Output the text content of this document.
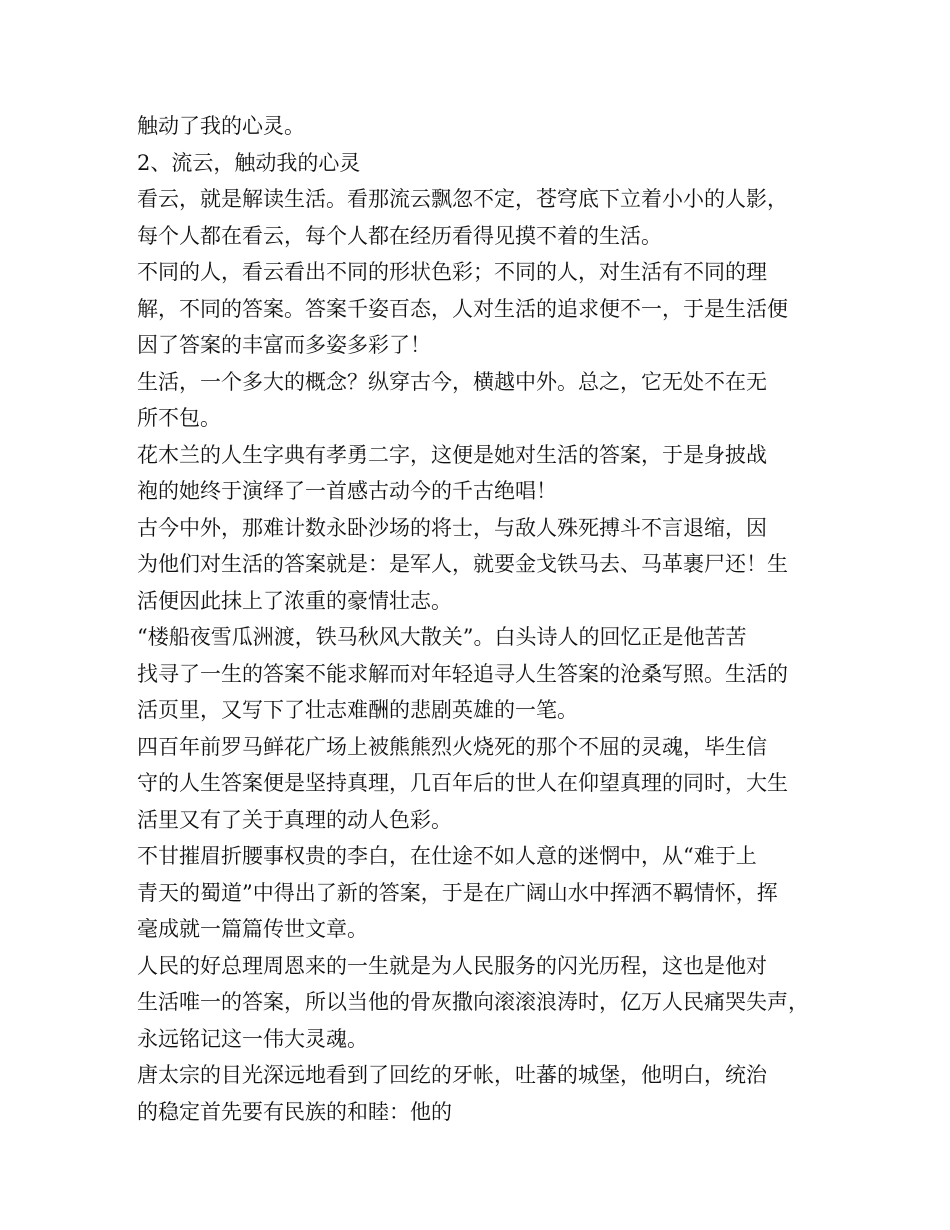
触动了我的心灵。
2、流云，触动我的心灵
看云，就是解读生活。看那流云飘忽不定，苍穹底下立着小小的人影，
每个人都在看云，每个人都在经历看得见摸不着的生活。
不同的人，看云看出不同的形状色彩；不同的人，对生活有不同的理
解，不同的答案。答案千姿百态，人对生活的追求便不一，于是生活便
因了答案的丰富而多姿多彩了！
生活，一个多大的概念？纵穿古今，横越中外。总之，它无处不在无
所不包。
花木兰的人生字典有孝勇二字，这便是她对生活的答案，于是身披战
袍的她终于演绎了一首感古动今的千古绝唱！
古今中外，那难计数永卧沙场的将士，与敌人殊死搏斗不言退缩，因
为他们对生活的答案就是：是军人，就要金戈铁马去、马革裹尸还！生
活便因此抹上了浓重的豪情壮志。
“楼船夜雪瓜洲渡，铁马秋风大散关”。白头诗人的回忆正是他苦苦
找寻了一生的答案不能求解而对年轻追寻人生答案的沧桑写照。生活的
活页里，又写下了壮志难酬的悲剧英雄的一笔。
四百年前罗马鲜花广场上被熊熊烈火烧死的那个不屈的灵魂，毕生信
守的人生答案便是坚持真理，几百年后的世人在仰望真理的同时，大生
活里又有了关于真理的动人色彩。
不甘摧眉折腰事权贵的李白，在仕途不如人意的迷惘中，从“难于上
青天的蜀道”中得出了新的答案，于是在广阔山水中挥洒不羁情怀，挥
毫成就一篇篇传世文章。
人民的好总理周恩来的一生就是为人民服务的闪光历程，这也是他对
生活唯一的答案，所以当他的骨灰撒向滚滚浪涛时，亿万人民痛哭失声，
永远铭记这一伟大灵魂。
唐太宗的目光深远地看到了回纥的牙帐，吐蕃的城堡，他明白，统治
的稳定首先要有民族的和睦：他的
